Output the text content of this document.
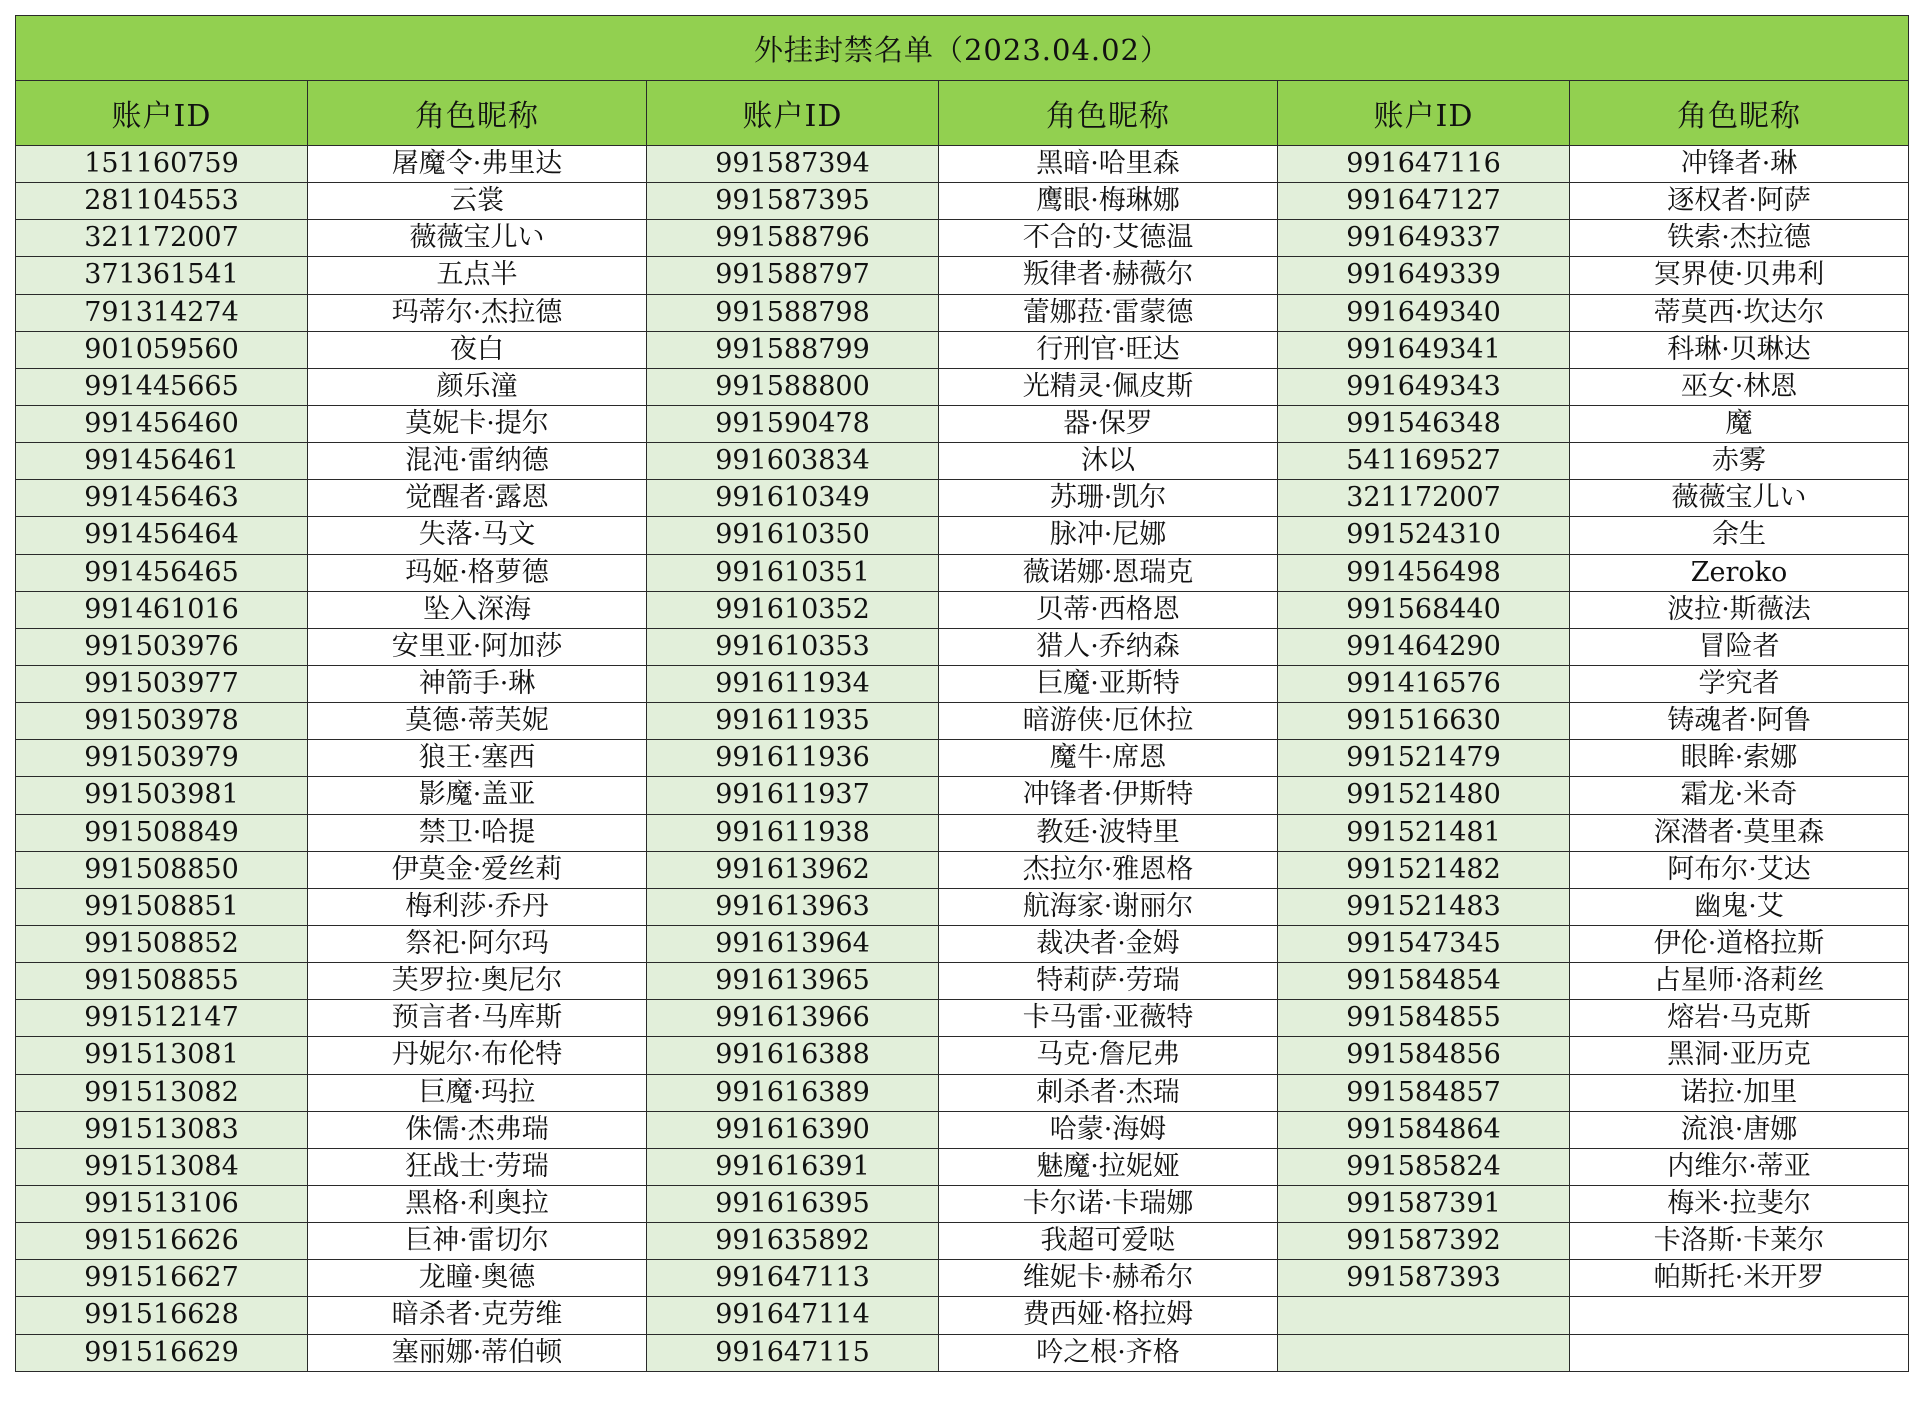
外挂封禁名单（2023.04.02）					
账户ID	角色昵称	账户ID	角色昵称	账户ID	角色昵称
151160759	屠魔令·弗里达	991587394	黑暗·哈里森	991647116	冲锋者·琳
281104553	云裳	991587395	鹰眼·梅琳娜	991647127	逐权者·阿萨
321172007	薇薇宝儿い	991588796	不合的·艾德温	991649337	铁索·杰拉德
371361541	五点半	991588797	叛律者·赫薇尔	991649339	冥界使·贝弗利
791314274	玛蒂尔·杰拉德	991588798	蕾娜菈·雷蒙德	991649340	蒂莫西·坎达尔
901059560	夜白	991588799	行刑官·旺达	991649341	科琳·贝琳达
991445665	颜乐潼	991588800	光精灵·佩皮斯	991649343	巫女·林恩
991456460	莫妮卡·提尔	991590478	器·保罗	991546348	魔
991456461	混沌·雷纳德	991603834	沐以	541169527	赤雾
991456463	觉醒者·露恩	991610349	苏珊·凯尔	321172007	薇薇宝儿い
991456464	失落·马文	991610350	脉冲·尼娜	991524310	余生
991456465	玛姬·格萝德	991610351	薇诺娜·恩瑞克	991456498	Zeroko
991461016	坠入深海	991610352	贝蒂·西格恩	991568440	波拉·斯薇法
991503976	安里亚·阿加莎	991610353	猎人·乔纳森	991464290	冒险者
991503977	神箭手·琳	991611934	巨魔·亚斯特	991416576	学究者
991503978	莫德·蒂芙妮	991611935	暗游侠·厄休拉	991516630	铸魂者·阿鲁
991503979	狼王·塞西	991611936	魔牛·席恩	991521479	眼眸·索娜
991503981	影魔·盖亚	991611937	冲锋者·伊斯特	991521480	霜龙·米奇
991508849	禁卫·哈提	991611938	教廷·波特里	991521481	深潜者·莫里森
991508850	伊莫金·爱丝莉	991613962	杰拉尔·雅恩格	991521482	阿布尔·艾达
991508851	梅利莎·乔丹	991613963	航海家·谢丽尔	991521483	幽鬼·艾
991508852	祭祀·阿尔玛	991613964	裁决者·金姆	991547345	伊伦·道格拉斯
991508855	芙罗拉·奥尼尔	991613965	特莉萨·劳瑞	991584854	占星师·洛莉丝
991512147	预言者·马库斯	991613966	卡马雷·亚薇特	991584855	熔岩·马克斯
991513081	丹妮尔·布伦特	991616388	马克·詹尼弗	991584856	黑洞·亚历克
991513082	巨魔·玛拉	991616389	刺杀者·杰瑞	991584857	诺拉·加里
991513083	侏儒·杰弗瑞	991616390	哈蒙·海姆	991584864	流浪·唐娜
991513084	狂战士·劳瑞	991616391	魅魔·拉妮娅	991585824	内维尔·蒂亚
991513106	黑格·利奥拉	991616395	卡尔诺·卡瑞娜	991587391	梅米·拉斐尔
991516626	巨神·雷切尔	991635892	我超可爱哒	991587392	卡洛斯·卡莱尔
991516627	龙瞳·奥德	991647113	维妮卡·赫希尔	991587393	帕斯托·米开罗
991516628	暗杀者·克劳维	991647114	费西娅·格拉姆		
991516629	塞丽娜·蒂伯顿	991647115	吟之根·齐格		
